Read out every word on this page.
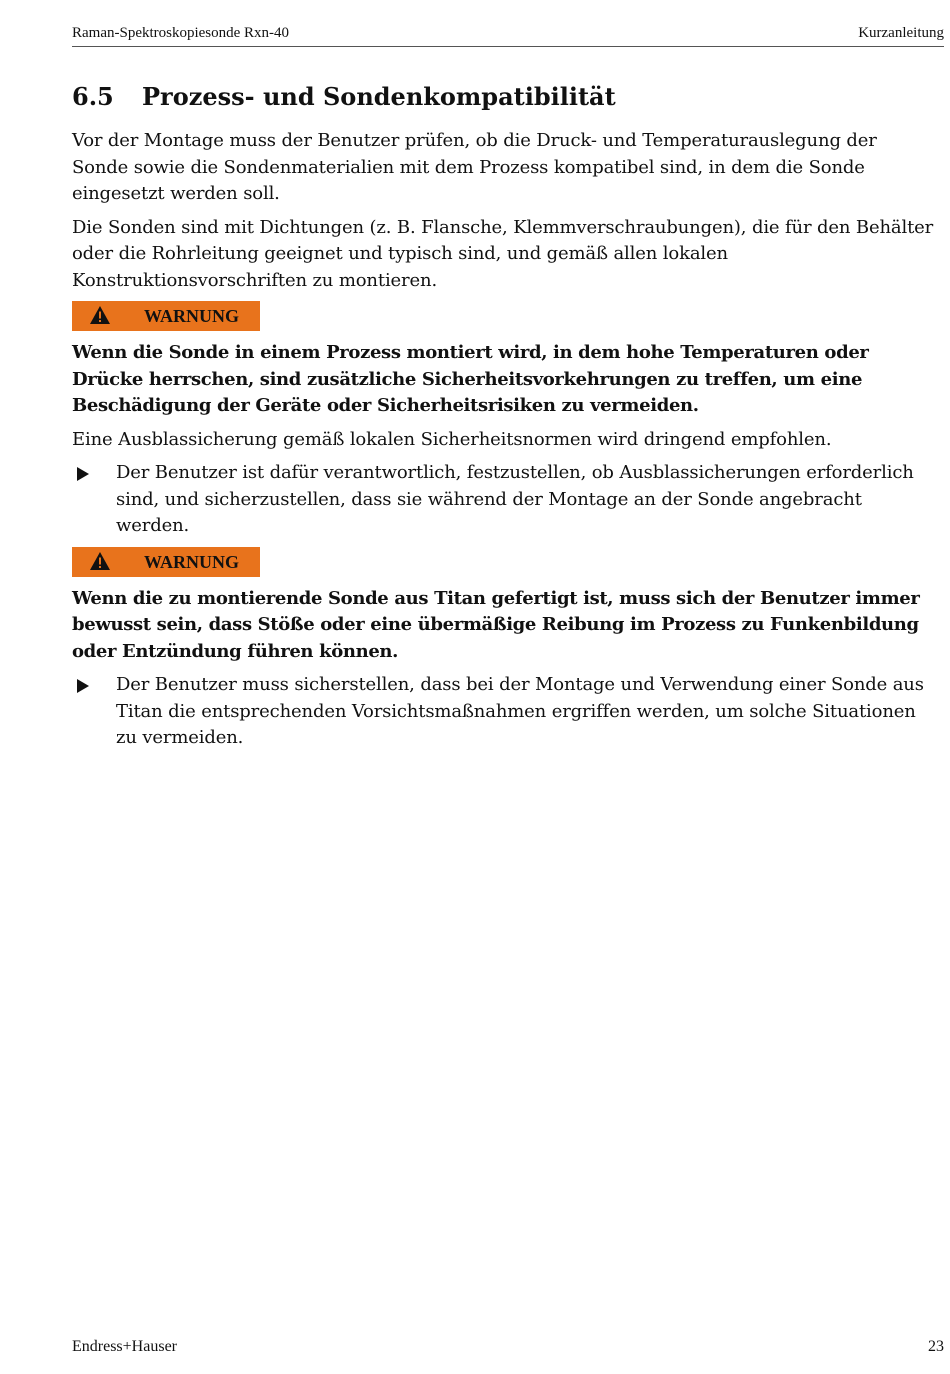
Raman-Spektroskopiesonde Rxn-40	Kurzanleitung
6.5	Prozess- und Sondenkompatibilität

Vor der Montage muss der Benutzer prüfen, ob die Druck- und Temperaturauslegung der Sonde sowie die Sondenmaterialien mit dem Prozess kompatibel sind, in dem die Sonde eingesetzt werden soll.

Die Sonden sind mit Dichtungen (z. B. Flansche, Klemmverschraubungen), die für den Behälter oder die Rohrleitung geeignet und typisch sind, und gemäß allen lokalen Konstruktionsvorschriften zu montieren.

WARNUNG

Wenn die Sonde in einem Prozess montiert wird, in dem hohe Temperaturen oder Drücke herrschen, sind zusätzliche Sicherheitsvorkehrungen zu treffen, um eine Beschädigung der Geräte oder Sicherheitsrisiken zu vermeiden.

Eine Ausblassicherung gemäß lokalen Sicherheitsnormen wird dringend empfohlen.

Der Benutzer ist dafür verantwortlich, festzustellen, ob Ausblassicherungen erforderlich sind, und sicherzustellen, dass sie während der Montage an der Sonde angebracht werden.
WARNUNG

Wenn die zu montierende Sonde aus Titan gefertigt ist, muss sich der Benutzer immer bewusst sein, dass Stöße oder eine übermäßige Reibung im Prozess zu Funkenbildung oder Entzündung führen können.

Der Benutzer muss sicherstellen, dass bei der Montage und Verwendung einer Sonde aus Titan die entsprechenden Vorsichtsmaßnahmen ergriffen werden, um solche Situationen zu vermeiden.
Endress+Hauser	23
